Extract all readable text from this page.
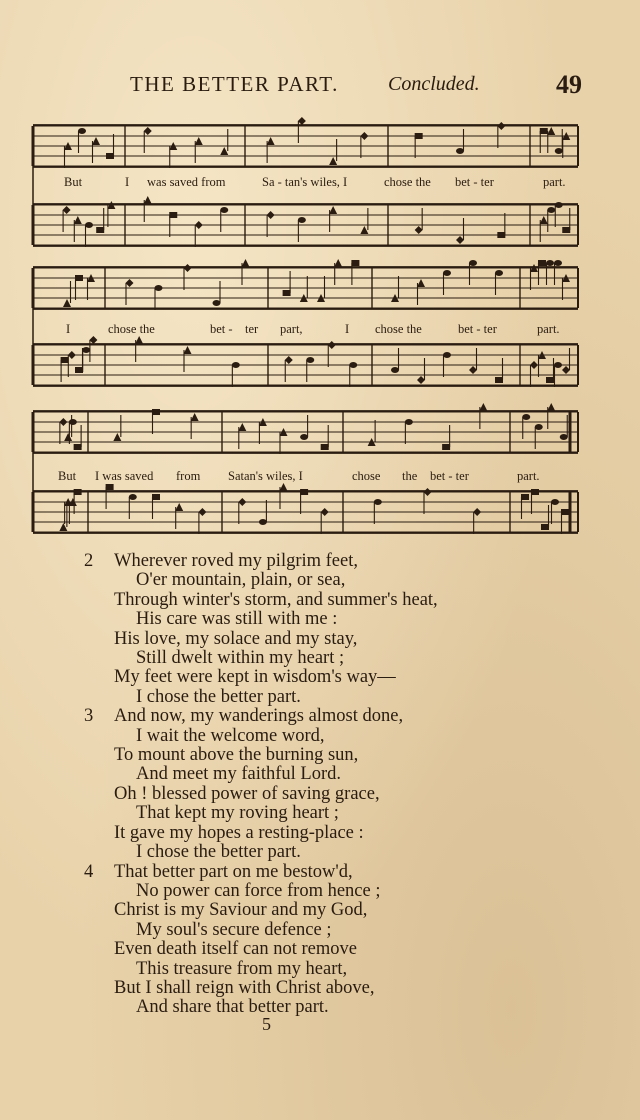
THE BETTER PART. Concluded.	49
But	I was saved from	Sa - tan's wiles, I	chose the bet - ter	part.
I	chose the	bet - ter part,	I chose the	bet - ter	part.
But I was saved from Satan's wiles, I	chose the bet - ter	part.
2 Wherever roved my pilgrim feet,
O'er mountain, plain, or sea,
Through winter's storm, and summer's heat,
His care was still with me :
His love, my solace and my stay,
Still dwelt within my heart ;
My feet were kept in wisdom's way—
I chose the better part.
3 And now, my wanderings almost done,
I wait the welcome word,
To mount above the burning sun,
And meet my faithful Lord.
Oh ! blessed power of saving grace,
That kept my roving heart ;
It gave my hopes a resting-place :
I chose the better part.
4 That better part on me bestow'd,
No power can force from hence ;
Christ is my Saviour and my God,
My soul's secure defence ;
Even death itself can not remove
This treasure from my heart,
But I shall reign with Christ above,
And share that better part.
5
